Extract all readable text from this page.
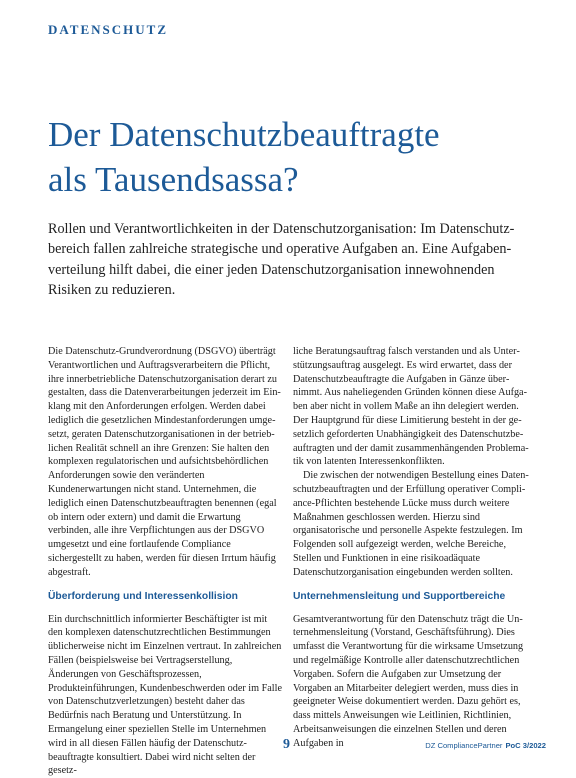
DATENSCHUTZ
Der Datenschutzbeauftragte
als Tausendsassa?

Rollen und Verantwortlichkeiten in der Datenschutzorganisation: Im Datenschutzbereich fallen zahlreiche strategische und operative Aufgaben an. Eine Aufgabenverteilung hilft dabei, die einer jeden Datenschutzorganisation innewohnenden Risiken zu reduzieren.

Die Datenschutz-Grundverordnung (DSGVO) überträgt Verantwortlichen und Auftragsverarbeitern die Pflicht, ihre innerbetriebliche Datenschutzorganisation derart zu gestalten, dass die Datenverarbeitungen jederzeit im Einklang mit den Anforderungen erfolgen. Werden dabei lediglich die gesetzlichen Mindestanforderungen umgesetzt, geraten Datenschutzorganisationen in der betrieblichen Realität schnell an ihre Grenzen: Sie halten den komplexen regulatorischen und aufsichtsbehördlichen Anforderungen sowie den veränderten Kundenerwartungen nicht stand. Unternehmen, die lediglich einen Datenschutzbeauftragten benennen (egal ob intern oder extern) und damit die Erwartung verbinden, alle ihre Verpflichtungen aus der DSGVO umgesetzt und eine fortlaufende Compliance sichergestellt zu haben, werden für diesen Irrtum häufig abgestraft.

Überforderung und Interessenkollision

Ein durchschnittlich informierter Beschäftigter ist mit den komplexen datenschutzrechtlichen Bestimmungen üblicherweise nicht im Einzelnen vertraut. In zahlreichen Fällen (beispielsweise bei Vertragserstellung, Änderungen von Geschäftsprozessen, Produkteinführungen, Kundenbeschwerden oder im Falle von Datenschutzverletzungen) besteht daher das Bedürfnis nach Beratung und Unterstützung. In Ermangelung einer speziellen Stelle im Unternehmen wird in all diesen Fällen häufig der Datenschutzbeauftragte konsultiert. Dabei wird nicht selten der gesetz-

liche Beratungsauftrag falsch verstanden und als Unterstützungsauftrag ausgelegt. Es wird erwartet, dass der Datenschutzbeauftragte die Aufgaben in Gänze übernimmt. Aus naheliegenden Gründen können diese Aufgaben aber nicht in vollem Maße an ihn delegiert werden. Der Hauptgrund für diese Limitierung besteht in der gesetzlich geforderten Unabhängigkeit des Datenschutzbeauftragten und der damit zusammenhängenden Problematik von latenten Interessenkonflikten.

Die zwischen der notwendigen Bestellung eines Datenschutzbeauftragten und der Erfüllung operativer Compliance-Pflichten bestehende Lücke muss durch weitere Maßnahmen geschlossen werden. Hierzu sind organisatorische und personelle Aspekte festzulegen. Im Folgenden soll aufgezeigt werden, welche Bereiche, Stellen und Funktionen in eine risikoadäquate Datenschutzorganisation eingebunden werden sollten.

Unternehmensleitung und Supportbereiche

Gesamtverantwortung für den Datenschutz trägt die Unternehmensleitung (Vorstand, Geschäftsführung). Dies umfasst die Verantwortung für die wirksame Umsetzung und regelmäßige Kontrolle aller datenschutzrechtlichen Vorgaben. Sofern die Aufgaben zur Umsetzung der Vorgaben an Mitarbeiter delegiert werden, muss dies in geeigneter Weise dokumentiert werden. Dazu gehört es, dass mittels Anweisungen wie Leitlinien, Richtlinien, Arbeitsanweisungen die einzelnen Stellen und deren Aufgaben in

9	DZ CompliancePartner PoC 3/2022
